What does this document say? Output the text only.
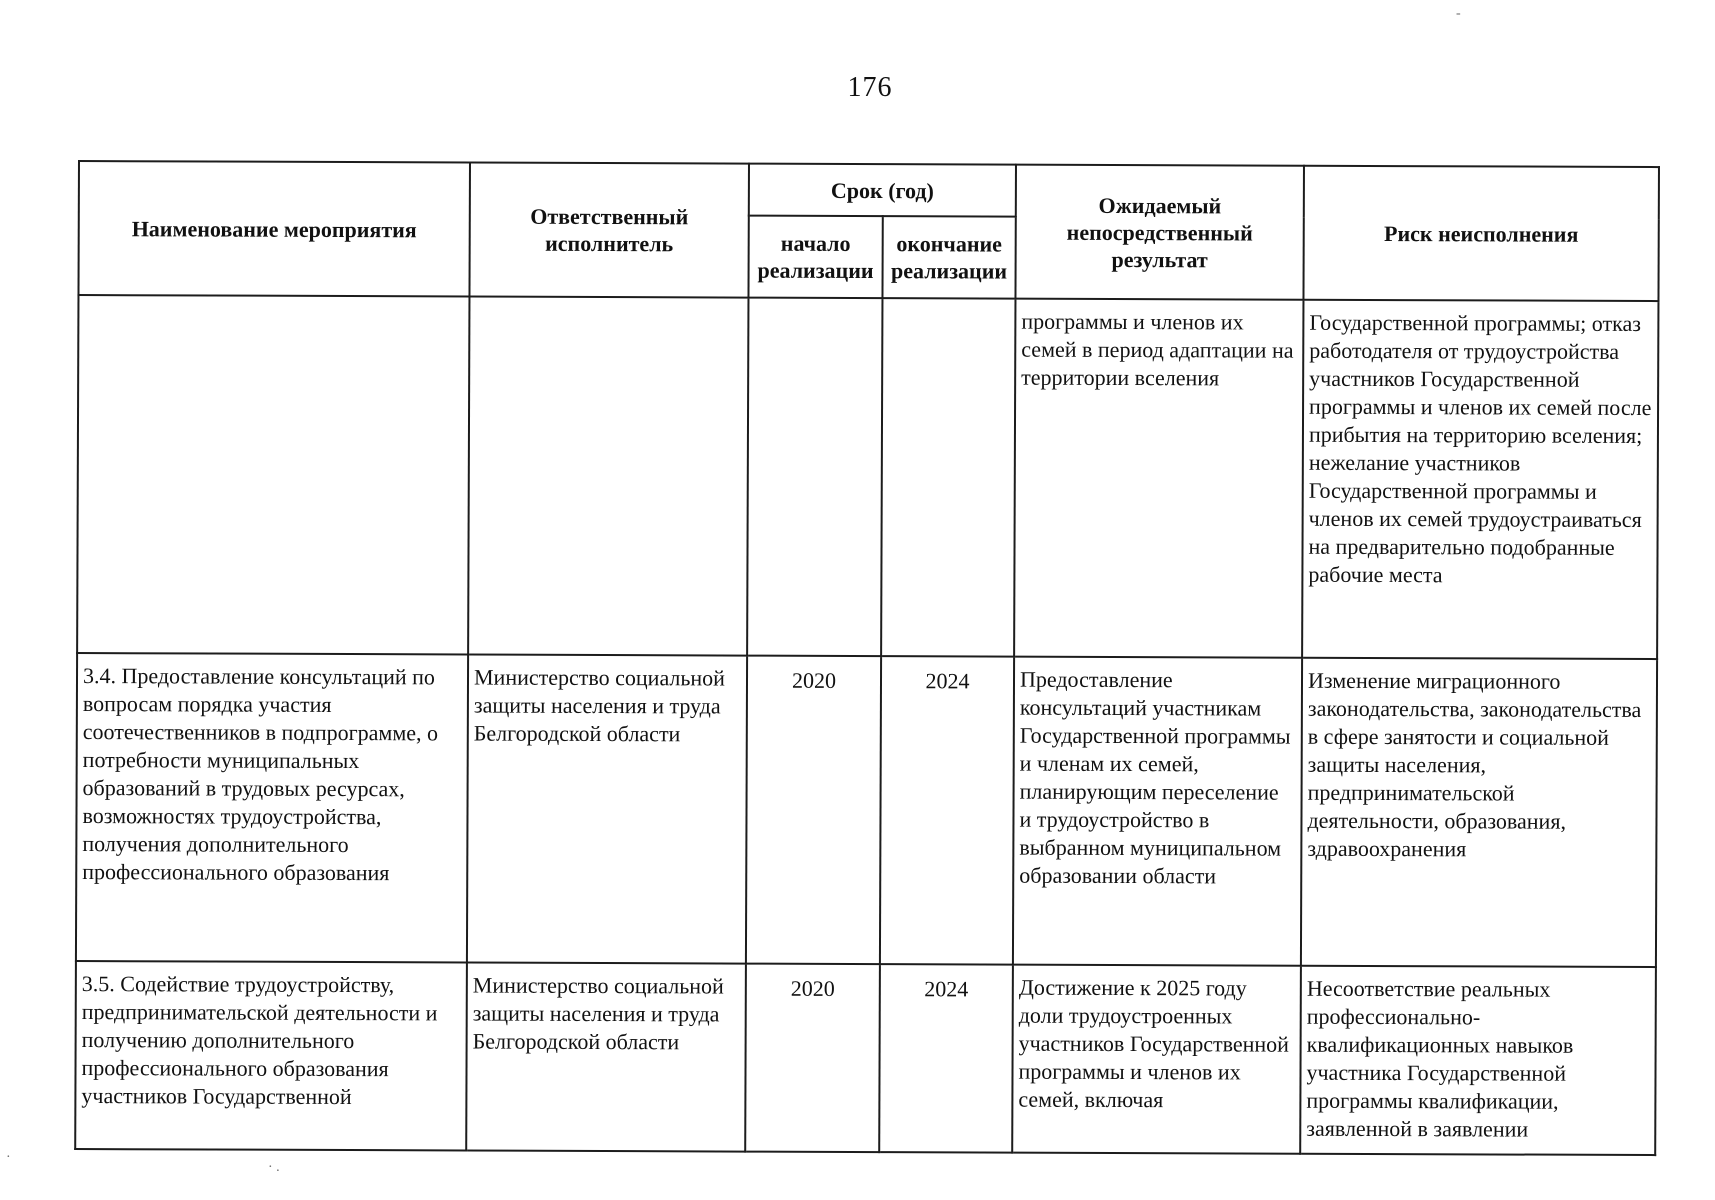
176
Наименование мероприятия	Ответственный исполнитель	Срок (год)		Ожидаемый непосредственный результат	Риск неисполнения
		начало реализации	окончание реализации		
				программы и членов их семей в период адаптации на территории вселения	Государственной программы; отказ работодателя от трудоустройства участников Государственной программы и членов их семей после прибытия на территорию вселения; нежелание участников Государственной программы и членов их семей трудоустраиваться на предварительно подобранные рабочие места
3.4. Предоставление консультаций по вопросам порядка участия соотечественников в подпрограмме, о потребности муниципальных образований в трудовых ресурсах, возможностях трудоустройства, получения дополнительного профессионального образования	Министерство социальной защиты населения и труда Белгородской области	2020	2024	Предоставление консультаций участникам Государственной программы и членам их семей, планирующим переселение и трудоустройство в выбранном муниципальном образовании области	Изменение миграционного законодательства, законодательства в сфере занятости и социальной защиты населения, предпринимательской деятельности, образования, здравоохранения
3.5. Содействие трудоустройству, предпринимательской деятельности и получению дополнительного профессионального образования участников Государственной	Министерство социальной защиты населения и труда Белгородской области	2020	2024	Достижение к 2025 году доли трудоустроенных участников Государственной программы и членов их семей, включая	Несоответствие реальных профессионально-квалификационных навыков участника Государственной программы квалификации, заявленной в заявлении
· .
·
-
